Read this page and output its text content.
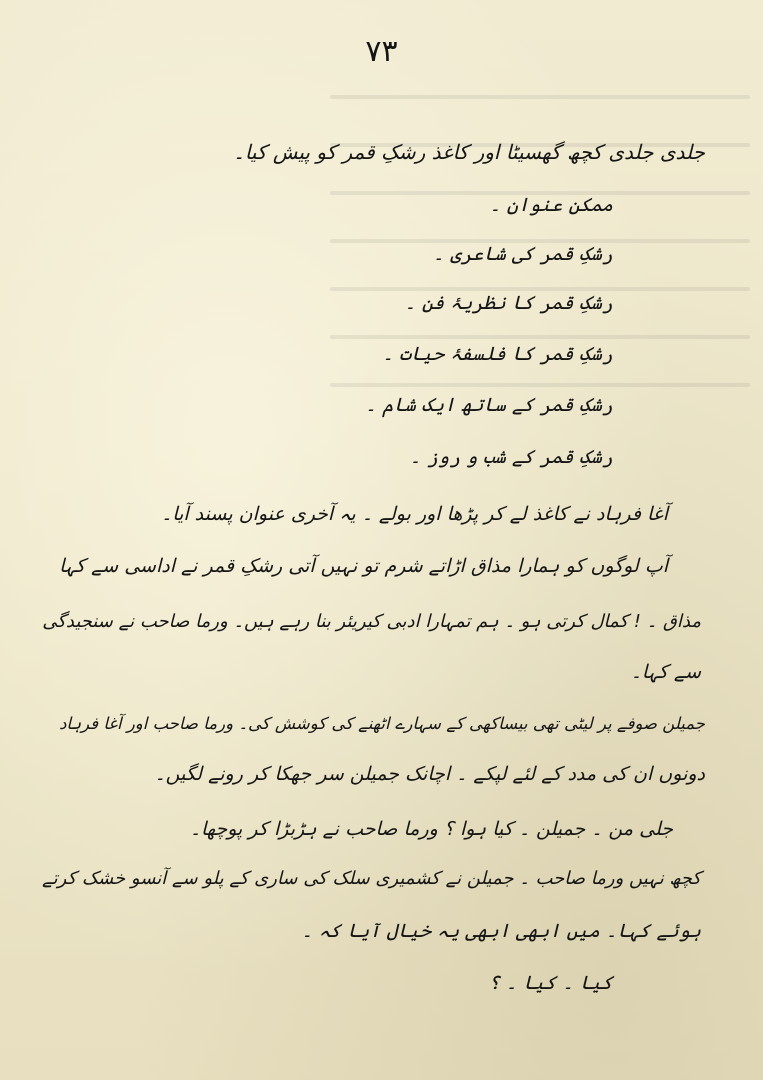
۷۳
جلدی جلدی کچھ گھسیٹا اور کاغذ رشکِ قمر کو پیش کیا۔
ممکن عنوان ۔
رشکِ قمر کی شاعری ۔
رشکِ قمر کا نظریۂ فن ۔
رشکِ قمر کا فلسفۂ حیات ۔
رشکِ قمر کے ساتھ ایک شام ۔
رشکِ قمر کے شب و روز ۔
آغا فرہاد نے کاغذ لے کر پڑھا اور بولے ۔ یہ آخری عنوان پسند آیا۔
آپ لوگوں کو ہمارا مذاق اڑاتے شرم تو نہیں آتی رشکِ قمر نے اداسی سے کہا
مذاق ۔ ! کمال کرتی ہو ۔ ہم تمہارا ادبی کیریئر بنا رہے ہیں۔ ورما صاحب نے سنجیدگی
سے کہا۔
جمیلن صوفے پر لیٹی تھی بیساکھی کے سہارے اٹھنے کی کوشش کی۔ ورما صاحب اور آغا فرہاد
دونوں ان کی مدد کے لئے لپکے ۔ اچانک جمیلن سر جھکا کر رونے لگیں۔
جلی من ۔ جمیلن ۔ کیا ہوا ؟ ورما صاحب نے ہڑبڑا کر پوچھا۔
کچھ نہیں ورما صاحب ۔ جمیلن نے کشمیری سلک کی ساری کے پلو سے آنسو خشک کرتے
ہوئے کہا۔ میں ابھی ابھی یہ خیال آیا کہ ۔
کیا ۔ کیا ۔ ؟
